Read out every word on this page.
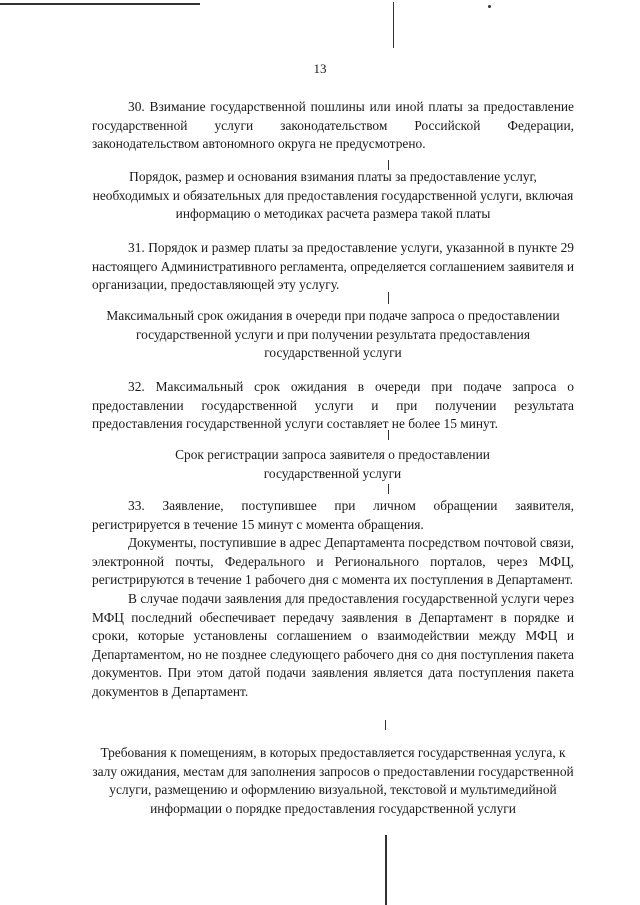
13

30. Взимание государственной пошлины или иной платы за предоставление государственной услуги законодательством Российской Федерации, законодательством автономного округа не предусмотрено.

Порядок, размер и основания взимания платы за предоставление услуг, необходимых и обязательных для предоставления государственной услуги, включая информацию о методиках расчета размера такой платы

31. Порядок и размер платы за предоставление услуги, указанной в пункте 29 настоящего Административного регламента, определяется соглашением заявителя и организации, предоставляющей эту услугу.

Максимальный срок ожидания в очереди при подаче запроса о предоставлении государственной услуги и при получении результата предоставления государственной услуги

32. Максимальный срок ожидания в очереди при подаче запроса о предоставлении государственной услуги и при получении результата предоставления государственной услуги составляет не более 15 минут.

Срок регистрации запроса заявителя о предоставлении государственной услуги

33. Заявление, поступившее при личном обращении заявителя, регистрируется в течение 15 минут с момента обращения.

Документы, поступившие в адрес Департамента посредством почтовой связи, электронной почты, Федерального и Регионального порталов, через МФЦ, регистрируются в течение 1 рабочего дня с момента их поступления в Департамент.

В случае подачи заявления для предоставления государственной услуги через МФЦ последний обеспечивает передачу заявления в Департамент в порядке и сроки, которые установлены соглашением о взаимодействии между МФЦ и Департаментом, но не позднее следующего рабочего дня со дня поступления пакета документов. При этом датой подачи заявления является дата поступления пакета документов в Департамент.

Требования к помещениям, в которых предоставляется государственная услуга, к залу ожидания, местам для заполнения запросов о предоставлении государственной услуги, размещению и оформлению визуальной, текстовой и мультимедийной информации о порядке предоставления государственной услуги
